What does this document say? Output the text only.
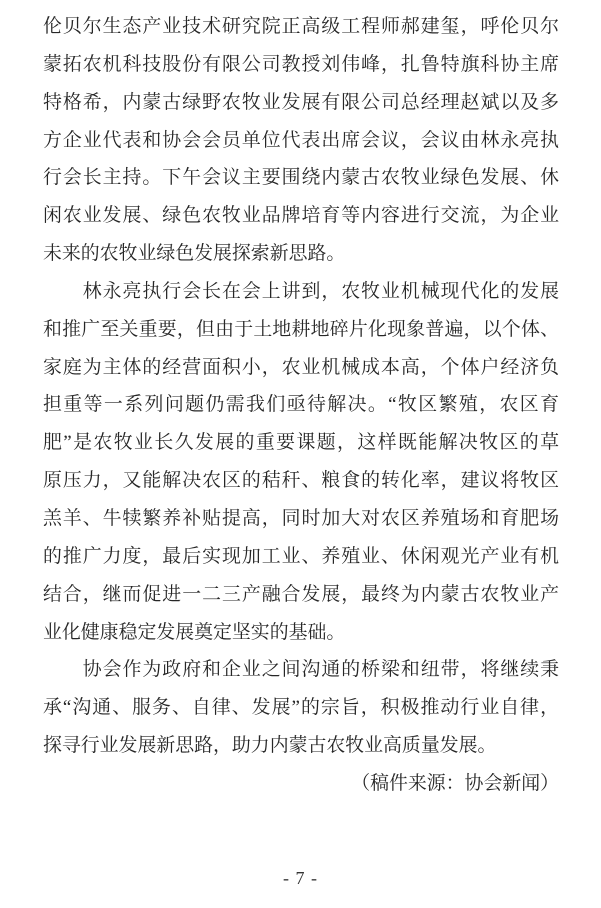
伦贝尔生态产业技术研究院正高级工程师郝建玺，呼伦贝尔
蒙拓农机科技股份有限公司教授刘伟峰，扎鲁特旗科协主席
特格希，内蒙古绿野农牧业发展有限公司总经理赵斌以及多
方企业代表和协会会员单位代表出席会议，会议由林永亮执
行会长主持。下午会议主要围绕内蒙古农牧业绿色发展、休
闲农业发展、绿色农牧业品牌培育等内容进行交流，为企业
未来的农牧业绿色发展探索新思路。
　　林永亮执行会长在会上讲到，农牧业机械现代化的发展
和推广至关重要，但由于土地耕地碎片化现象普遍，以个体、
家庭为主体的经营面积小，农业机械成本高，个体户经济负
担重等一系列问题仍需我们亟待解决。“牧区繁殖，农区育
肥”是农牧业长久发展的重要课题，这样既能解决牧区的草
原压力，又能解决农区的秸秆、粮食的转化率，建议将牧区
羔羊、牛犊繁养补贴提高，同时加大对农区养殖场和育肥场
的推广力度，最后实现加工业、养殖业、休闲观光产业有机
结合，继而促进一二三产融合发展，最终为内蒙古农牧业产
业化健康稳定发展奠定坚实的基础。
　　协会作为政府和企业之间沟通的桥梁和纽带，将继续秉
承“沟通、服务、自律、发展”的宗旨，积极推动行业自律，
探寻行业发展新思路，助力内蒙古农牧业高质量发展。
（稿件来源：协会新闻）
- 7 -
